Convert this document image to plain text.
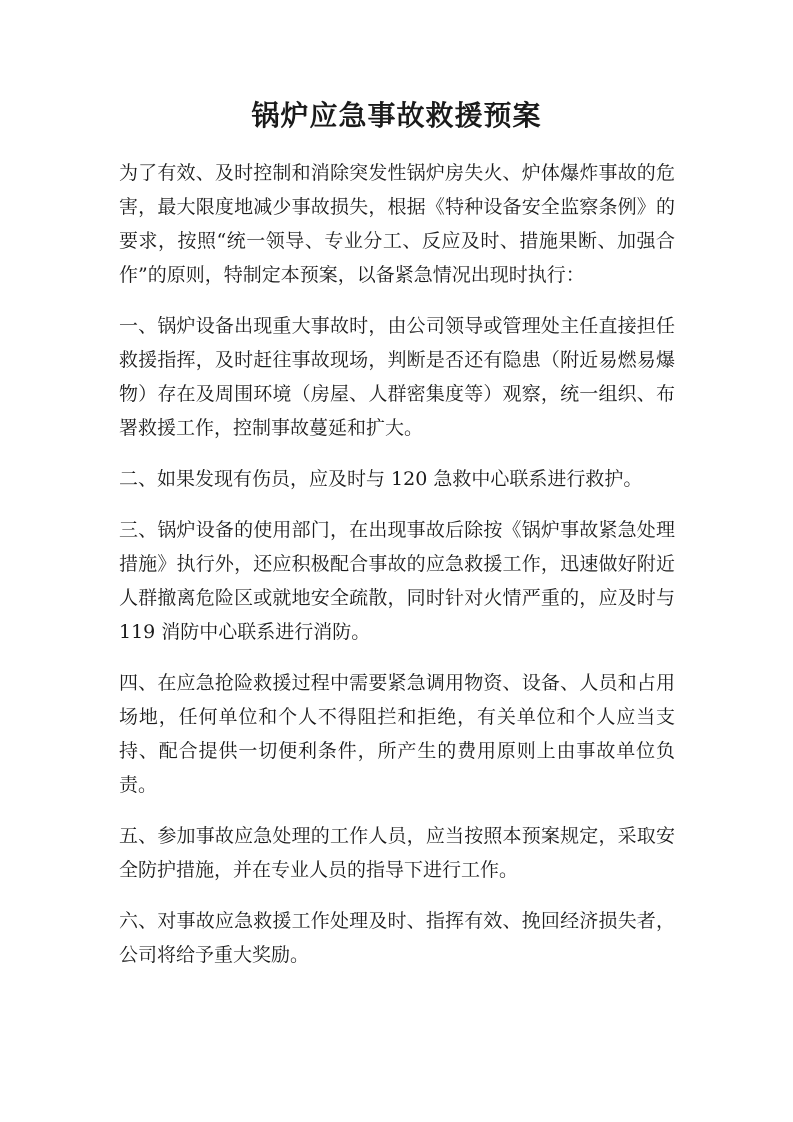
锅炉应急事故救援预案

为了有效、及时控制和消除突发性锅炉房失火、炉体爆炸事故的危害，最大限度地减少事故损失，根据《特种设备安全监察条例》的要求，按照“统一领导、专业分工、反应及时、措施果断、加强合作”的原则，特制定本预案，以备紧急情况出现时执行：

一、锅炉设备出现重大事故时，由公司领导或管理处主任直接担任救援指挥，及时赶往事故现场，判断是否还有隐患（附近易燃易爆物）存在及周围环境（房屋、人群密集度等）观察，统一组织、布署救援工作，控制事故蔓延和扩大。

二、如果发现有伤员，应及时与 120 急救中心联系进行救护。

三、锅炉设备的使用部门，在出现事故后除按《锅炉事故紧急处理措施》执行外，还应积极配合事故的应急救援工作，迅速做好附近人群撤离危险区或就地安全疏散，同时针对火情严重的，应及时与 119 消防中心联系进行消防。

四、在应急抢险救援过程中需要紧急调用物资、设备、人员和占用场地，任何单位和个人不得阻拦和拒绝，有关单位和个人应当支持、配合提供一切便利条件，所产生的费用原则上由事故单位负责。

五、参加事故应急处理的工作人员，应当按照本预案规定，采取安全防护措施，并在专业人员的指导下进行工作。

六、对事故应急救援工作处理及时、指挥有效、挽回经济损失者，公司将给予重大奖励。
